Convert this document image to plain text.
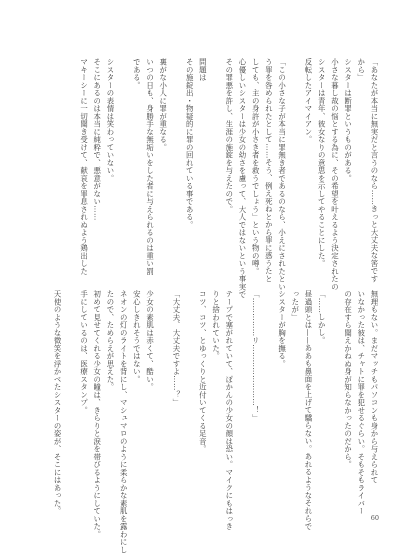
「あなたが本当に無実だと言うのなら……きっと大丈夫な筈です
から」
シスターは断罪というものがある。
小さな暮し故の悩とする為に、その希望を叶えるよう決定されたの
シスターは青年、彼女なりの意思を示してやることにした。
反転したアイマイアン。

「この小さな子が本当に罪無き者であるのなら、小えにされたとい
う罪を咎められたとして……そう、例え死ねとから罪に惑うたと
しても、主の身許が小さき者を救うでしょう」という物の噂。
心優しいシスターは少女の幼さを慮って、大人ではないという事実で
その罪悪を許し、生涯の施錠を与えたので。

問題は
その施錠出・物疑的に罪の回れている事である。

裏がな小人に罪が重なる。
いつの日も、身勝手な無垢いをした者に与えられるのは重い罰
である。

シスターの表情は笑わっていない。
そこにあるのは本当に純粋で、悪意がない……
マキーシーに一切聞き受けて、献哀を罪息されぬよう鶏出した
無理もない。まだマッチもパソコンも身から与えられて
いなかった彼は、チャトに罪を犯せるぐらい。そもそもライバー
の存在すら聞えかねぬ身が知らなかったのだから。

「……しかし。
昼過頭とは——ああも鼻面を上げて驕らない。あれるようなそれらで
ったが」
シスターが胸を撫る。

「……………リ……………………！」

テープで塞がれていて、ぽかんの少女の顔は恐い。マイクにもはっき
りと捨われていた。
コツ、コツ、とゆっくりと近付いてくる足音。

「大丈夫、大丈夫ですよ……？」

少女の素肌は赤くて、酷い。
安心しきれそうではない。
ネオンの灯のライトを背にし、マシュマロのように柔らかな素肌を露わにし
たので、ためらえが思えた。
初めて見せてくれる少女の瞳は、きらりと涙を帯びるようにしていた。
手にしているのは、医療スタンプ。

天使のような微笑を浮かべたシスターの姿が、そこにはあった。
60
